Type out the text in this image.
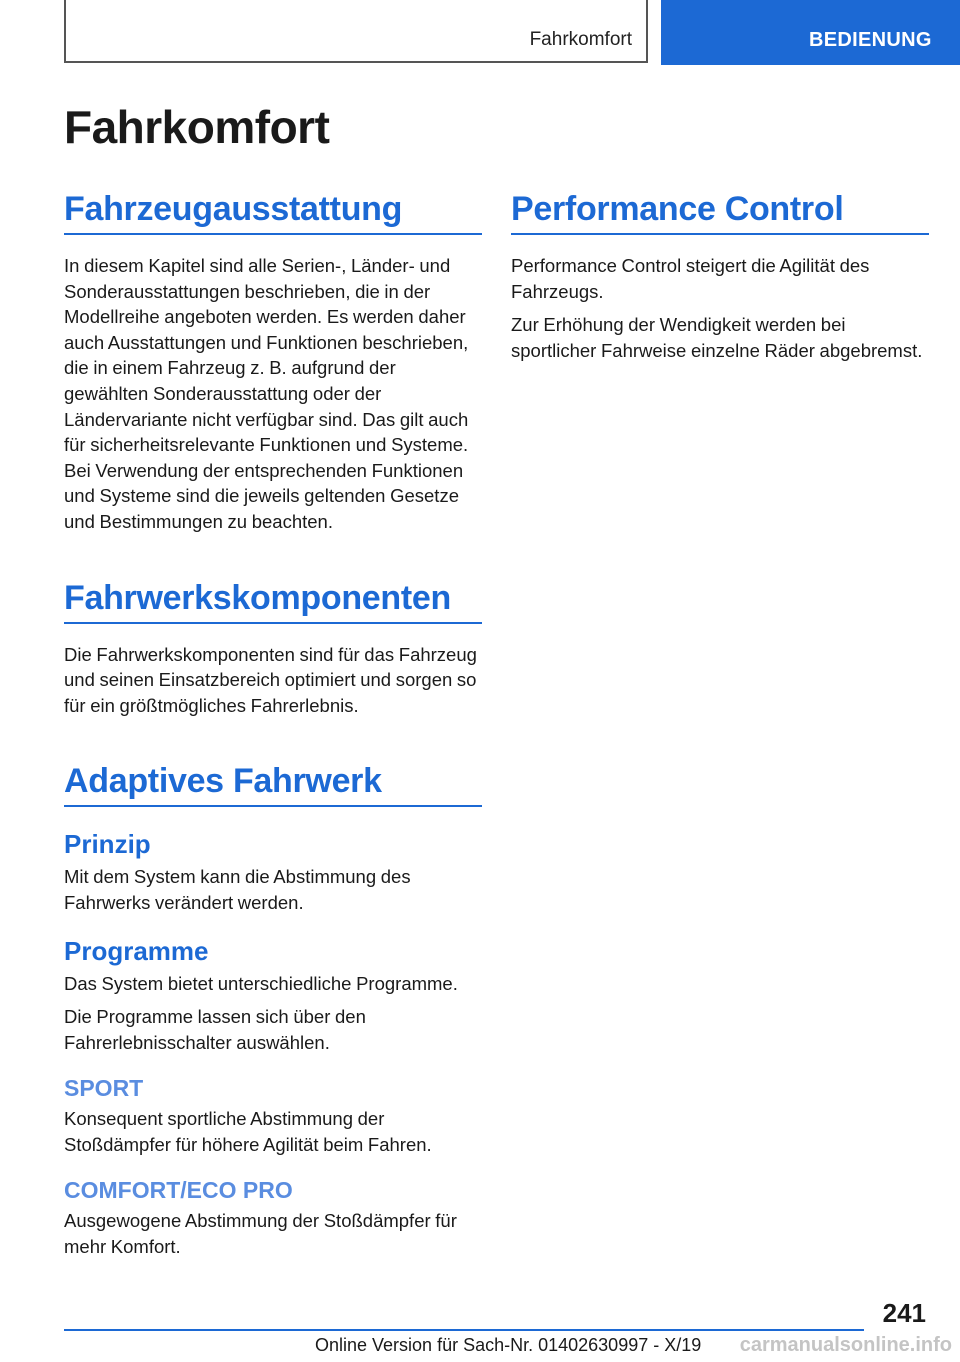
Fahrkomfort	BEDIENUNG
Fahrkomfort
Fahrzeugausstattung

In diesem Kapitel sind alle Serien-, Länder- und Sonderausstattungen beschrieben, die in der Modellreihe angeboten werden. Es werden daher auch Ausstattungen und Funktionen beschrieben, die in einem Fahrzeug z. B. aufgrund der gewählten Sonderausstattung oder der Ländervariante nicht verfügbar sind. Das gilt auch für sicherheitsrelevante Funktionen und Systeme. Bei Verwendung der entsprechenden Funktionen und Systeme sind die jeweils geltenden Gesetze und Bestimmungen zu beachten.

Fahrwerkskomponenten

Die Fahrwerkskomponenten sind für das Fahrzeug und seinen Einsatzbereich optimiert und sorgen so für ein größtmögliches Fahrerlebnis.

Adaptives Fahrwerk
Prinzip

Mit dem System kann die Abstimmung des Fahrwerks verändert werden.

Programme

Das System bietet unterschiedliche Programme.

Die Programme lassen sich über den Fahrerlebnisschalter auswählen.

SPORT

Konsequent sportliche Abstimmung der Stoßdämpfer für höhere Agilität beim Fahren.

COMFORT/ECO PRO

Ausgewogene Abstimmung der Stoßdämpfer für mehr Komfort.

Performance Control

Performance Control steigert die Agilität des Fahrzeugs.

Zur Erhöhung der Wendigkeit werden bei sportlicher Fahrweise einzelne Räder abgebremst.

241
Online Version für Sach-Nr. 01402630997 - X/19 carmanualsonline.info
